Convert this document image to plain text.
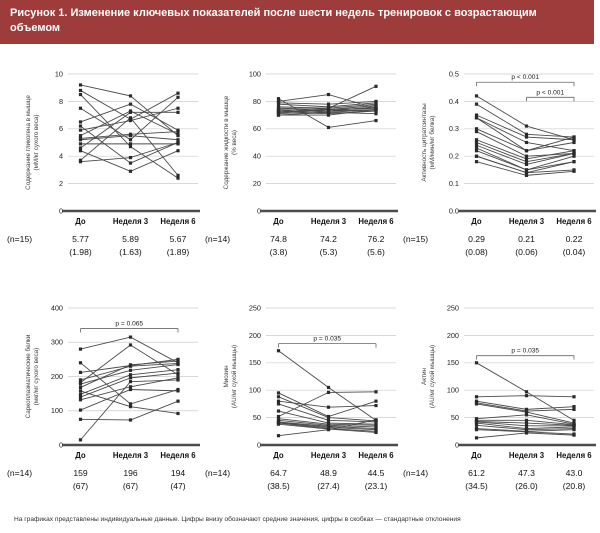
Рисунок 1. Изменение ключевых показателей после шести недель тренировок с возрастающим объемом
0
2
4
6
8
10
До	Неделя 3 Неделя 6
Содержание гликогена в мышце (мМ/кг сухого веса)
(n=15)	5.77	5.89	5.67
(1.98)	(1.63)	(1.89)
0
20
40
60
80
100
До	Неделя 3 Неделя 6
Содержание жидкости в мышце (% веса)
(n=14)	74.8	74.2	76.2
(3.8)	(5.3)	(5.6)
0.0
0.1
0.2
0.3
0.4
0.5	p < 0.001
p < 0.001
До	Неделя 3 Неделя 6
Активность цитратсинтазы (мМ/мин/мг белка)
(n=15)	0.29	0.21	0.22
(0.08)	(0.06)	(0.04)
0
100
200
300
400
p = 0.065
До	Неделя 3 Неделя 6
Саркоплазматические белки (мкг/мг сухого веса)
(n=14)	159	196	194
(67)	(67)	(47)
0
50
100
150
200
250
p = 0.035
До	Неделя 3 Неделя 6
Миозин (AU/мг сухой мышцы)
(n=14)	64.7	48.9	44.5
(38.5)	(27.4)	(23.1)
0
50
100
150
200
250
p = 0.035
До	Неделя 3 Неделя 6
Актин (AU/мг сухой мышцы)
(n=14)	61.2	47.3	43.0
(34.5)	(26.0)	(20.8)
На графиках представлены индивидуальные данные. Цифры внизу обозначают средние значения, цифры в скобках — стандартные отклонения
